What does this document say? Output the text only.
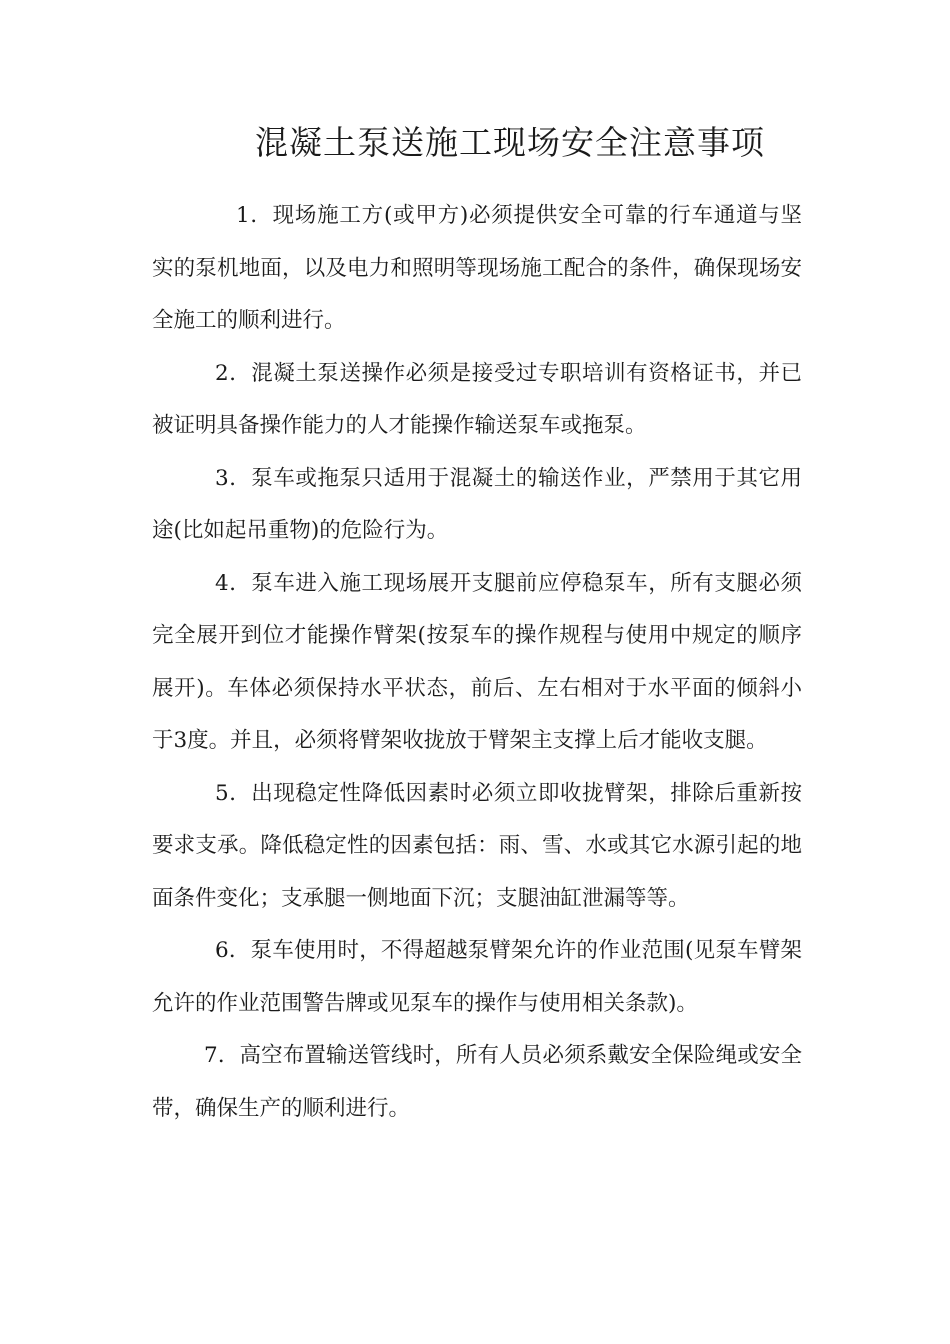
混凝土泵送施工现场安全注意事项

1．现场施工方(或甲方)必须提供安全可靠的行车通道与坚实的泵机地面，以及电力和照明等现场施工配合的条件，确保现场安全施工的顺利进行。

2．混凝土泵送操作必须是接受过专职培训有资格证书，并已被证明具备操作能力的人才能操作输送泵车或拖泵。

3．泵车或拖泵只适用于混凝土的输送作业，严禁用于其它用途(比如起吊重物)的危险行为。

4．泵车进入施工现场展开支腿前应停稳泵车，所有支腿必须完全展开到位才能操作臂架(按泵车的操作规程与使用中规定的顺序展开)。车体必须保持水平状态，前后、左右相对于水平面的倾斜小于3度。并且，必须将臂架收拢放于臂架主支撑上后才能收支腿。

5．出现稳定性降低因素时必须立即收拢臂架，排除后重新按要求支承。降低稳定性的因素包括：雨、雪、水或其它水源引起的地面条件变化；支承腿一侧地面下沉；支腿油缸泄漏等等。

6．泵车使用时，不得超越泵臂架允许的作业范围(见泵车臂架允许的作业范围警告牌或见泵车的操作与使用相关条款)。

7．高空布置输送管线时，所有人员必须系戴安全保险绳或安全带，确保生产的顺利进行。
